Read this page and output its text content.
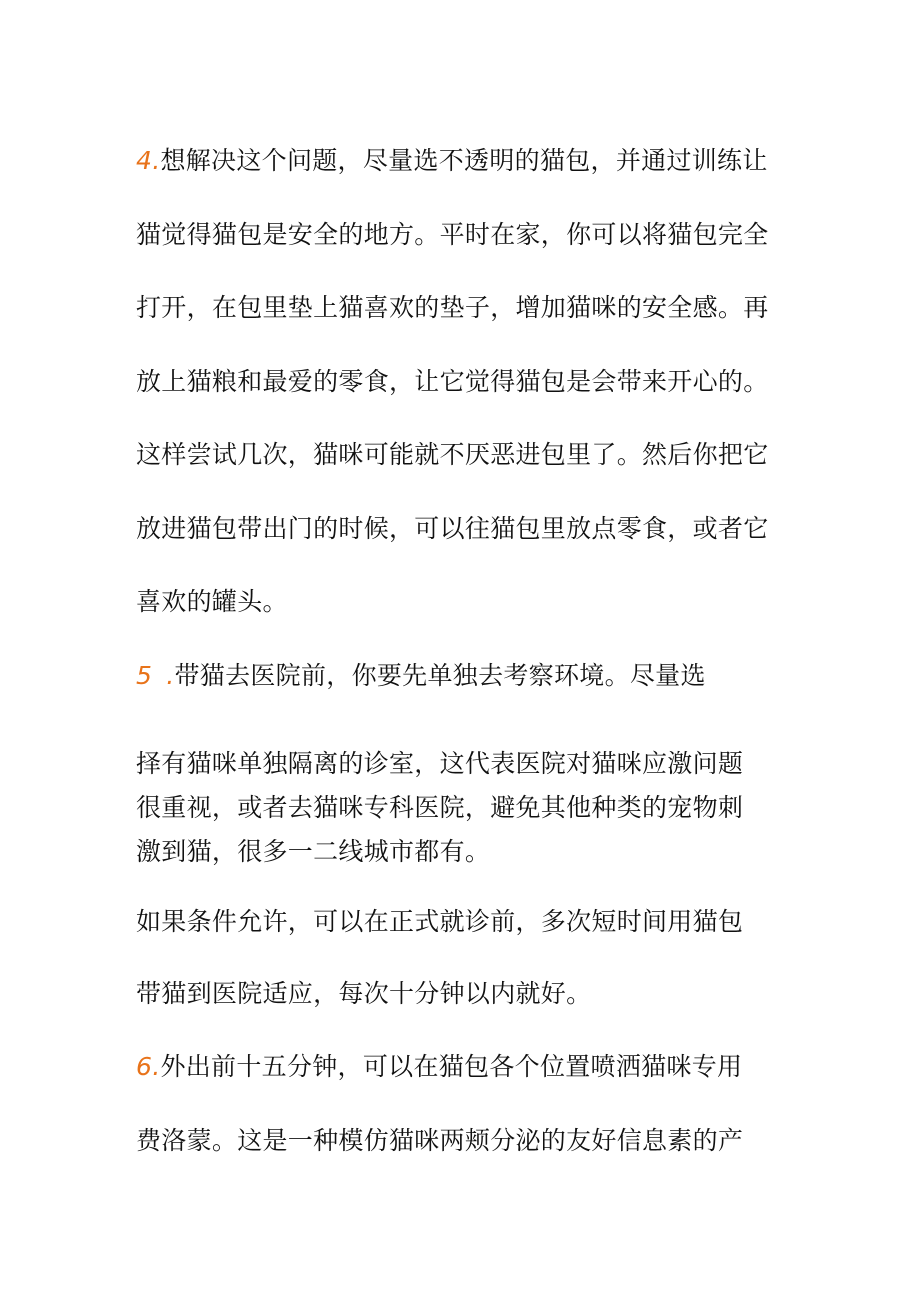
4.想解决这个问题，尽量选不透明的猫包，并通过训练让
猫觉得猫包是安全的地方。平时在家，你可以将猫包完全
打开，在包里垫上猫喜欢的垫子，增加猫咪的安全感。再
放上猫粮和最爱的零食，让它觉得猫包是会带来开心的。
这样尝试几次，猫咪可能就不厌恶进包里了。然后你把它
放进猫包带出门的时候，可以往猫包里放点零食，或者它
喜欢的罐头。
5 .带猫去医院前，你要先单独去考察环境。尽量选
择有猫咪单独隔离的诊室，这代表医院对猫咪应激问题
很重视，或者去猫咪专科医院，避免其他种类的宠物刺
激到猫，很多一二线城市都有。
如果条件允许，可以在正式就诊前，多次短时间用猫包
带猫到医院适应，每次十分钟以内就好。
6.外出前十五分钟，可以在猫包各个位置喷洒猫咪专用
费洛蒙。这是一种模仿猫咪两颊分泌的友好信息素的产
